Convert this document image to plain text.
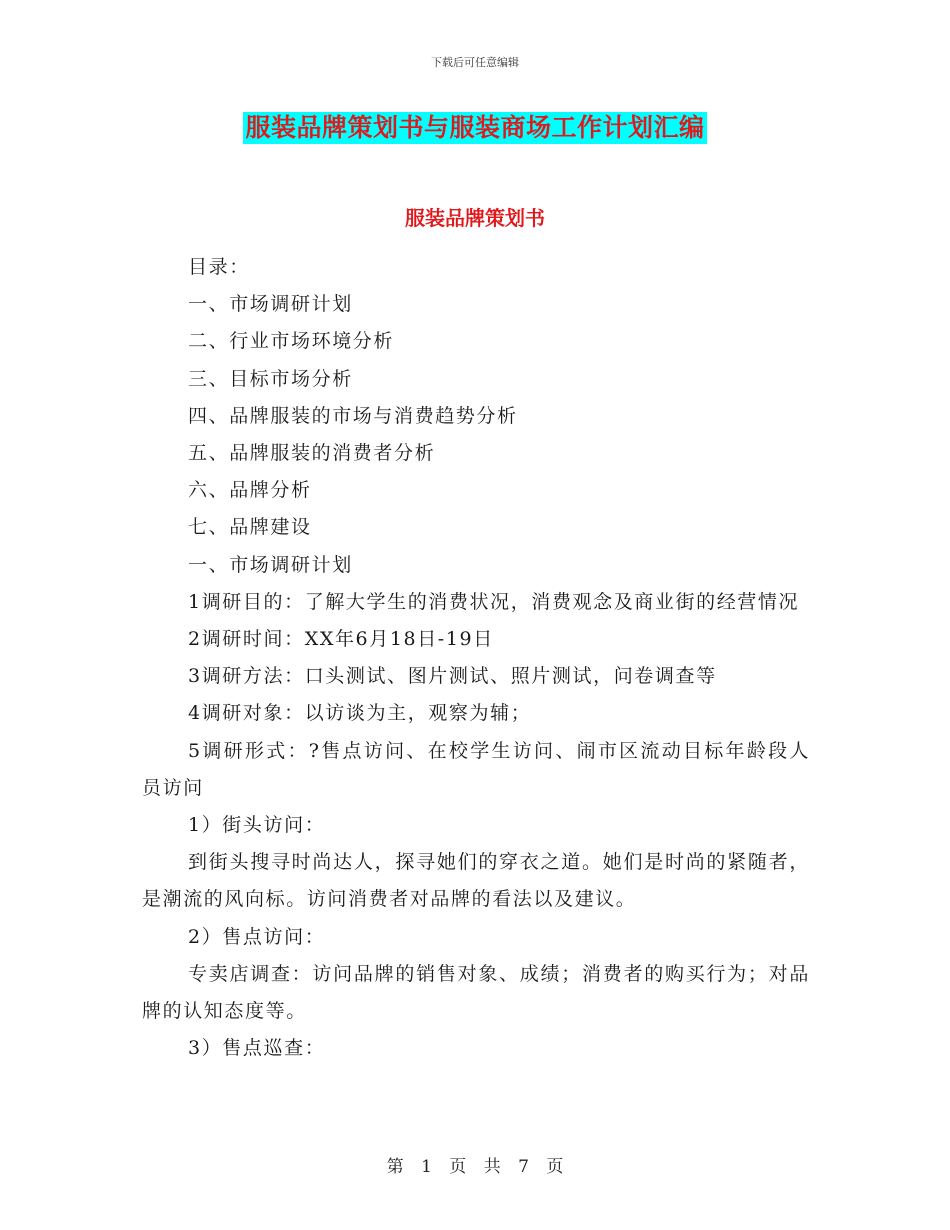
下载后可任意编辑
服装品牌策划书与服装商场工作计划汇编
服装品牌策划书

目录：

一、市场调研计划

二、行业市场环境分析

三、目标市场分析

四、品牌服装的市场与消费趋势分析

五、品牌服装的消费者分析

六、品牌分析

七、品牌建设

一、市场调研计划

1调研目的：了解大学生的消费状况，消费观念及商业街的经营情况

2调研时间：XX年6月18日-19日

3调研方法：口头测试、图片测试、照片测试，问卷调查等

4调研对象：以访谈为主，观察为辅；

5调研形式：?售点访问、在校学生访问、闹市区流动目标年龄段人员访问

1）街头访问：

到街头搜寻时尚达人，探寻她们的穿衣之道。她们是时尚的紧随者，是潮流的风向标。访问消费者对品牌的看法以及建议。

2）售点访问：

专卖店调查：访问品牌的销售对象、成绩；消费者的购买行为；对品牌的认知态度等。

3）售点巡查：

第 1 页 共 7 页
